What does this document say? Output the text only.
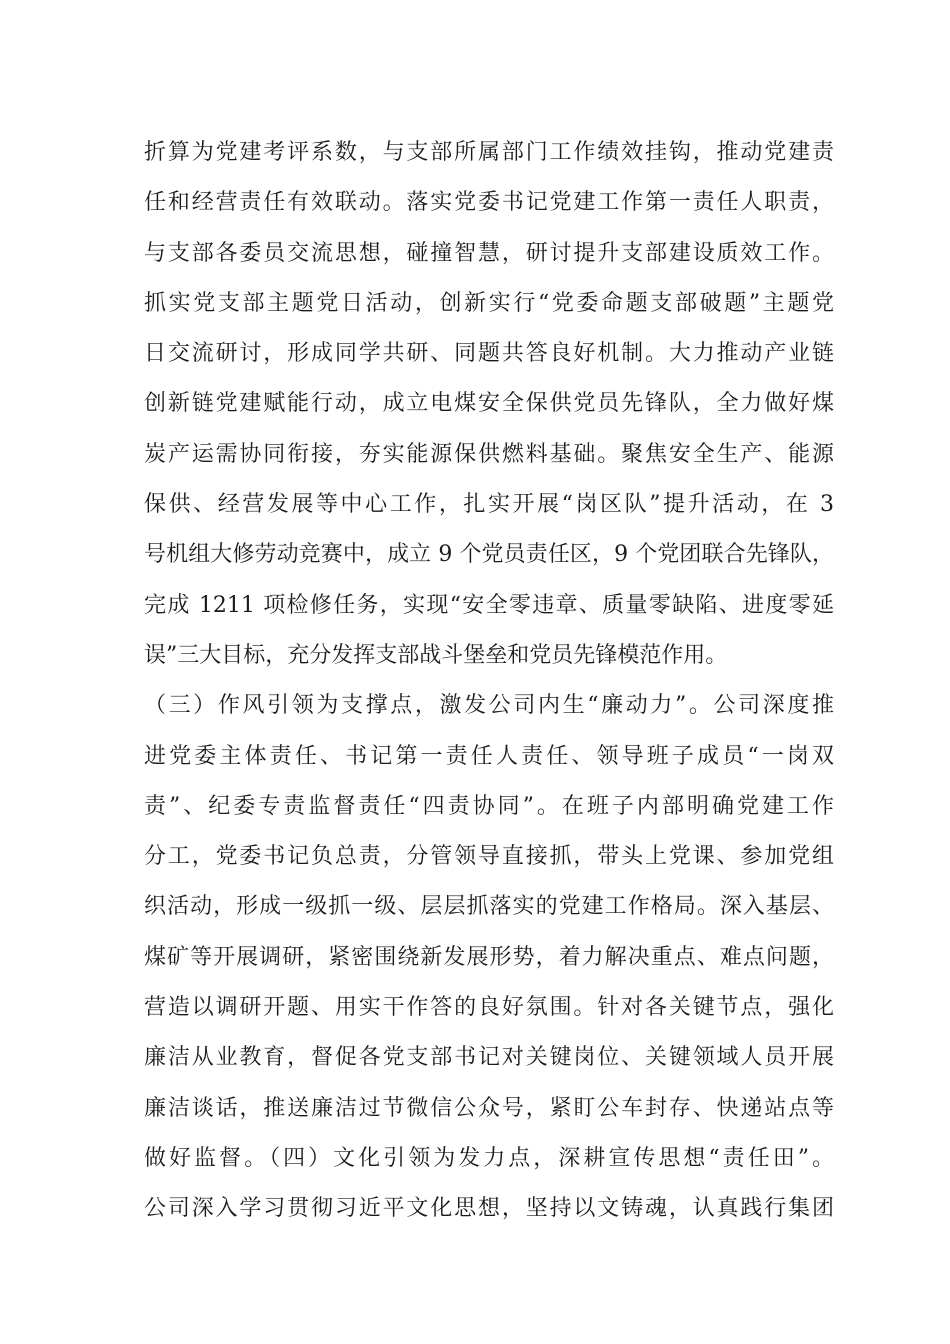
折算为党建考评系数，与支部所属部门工作绩效挂钩，推动党建责
任和经营责任有效联动。落实党委书记党建工作第一责任人职责，
与支部各委员交流思想，碰撞智慧，研讨提升支部建设质效工作。
抓实党支部主题党日活动，创新实行“党委命题支部破题”主题党
日交流研讨，形成同学共研、同题共答良好机制。大力推动产业链
创新链党建赋能行动，成立电煤安全保供党员先锋队，全力做好煤
炭产运需协同衔接，夯实能源保供燃料基础。聚焦安全生产、能源
保供、经营发展等中心工作，扎实开展“岗区队”提升活动，在 3
号机组大修劳动竞赛中，成立 9 个党员责任区，9 个党团联合先锋队，
完成 1211 项检修任务，实现“安全零违章、质量零缺陷、进度零延
误”三大目标，充分发挥支部战斗堡垒和党员先锋模范作用。
（三）作风引领为支撑点，激发公司内生“廉动力”。公司深度推
进党委主体责任、书记第一责任人责任、领导班子成员“一岗双
责”、纪委专责监督责任“四责协同”。在班子内部明确党建工作
分工，党委书记负总责，分管领导直接抓，带头上党课、参加党组
织活动，形成一级抓一级、层层抓落实的党建工作格局。深入基层、
煤矿等开展调研，紧密围绕新发展形势，着力解决重点、难点问题，
营造以调研开题、用实干作答的良好氛围。针对各关键节点，强化
廉洁从业教育，督促各党支部书记对关键岗位、关键领域人员开展
廉洁谈话，推送廉洁过节微信公众号，紧盯公车封存、快递站点等
做好监督。（四）文化引领为发力点，深耕宣传思想“责任田”。
公司深入学习贯彻习近平文化思想，坚持以文铸魂，认真践行集团
